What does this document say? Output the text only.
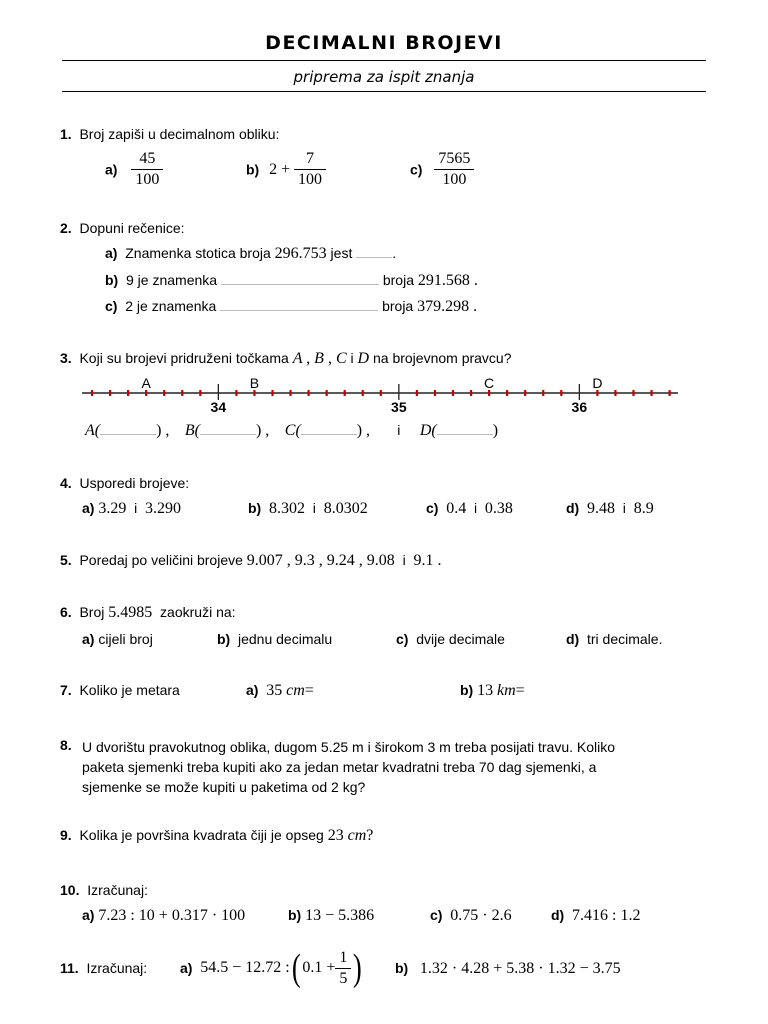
DECIMALNI BROJEVI
priprema za ispit znanja
1. Broj zapiši u decimalnom obliku:
$a) \frac{45}{100}$	b) $2 + \frac{7}{100}$	$c) \frac{7565}{100}$
2. Dopuni rečenice:
a) Znamenka stotica broja 296.753 jest	.
b) 9 je znamenka	broja 291.568 .
c) 2 je znamenka	broja 379.298 .
3. Koji su brojevi pridruženi točkama A , B , C i D na brojevnom pravcu?
34	35	36
A	B	C	D
A(	) , B(	) , C(	) , i D(	)
4. Usporedi brojeve:
a) 3.29 i 3.290	b) 8.302 i 8.0302	c) 0.4 i 0.38	d) 9.48 i 8.9
5. Poredaj po veličini brojeve 9.007 , 9.3 , 9.24 , 9.08 i 9.1 .
6. Broj 5.4985 zaokruži na:
a) cijeli broj	b) jednu decimalu	c) dvije decimale	d) tri decimale.
7. Koliko je metara	a) 35 cm=	b) 13 km=
8. U dvorištu pravokutnog oblika, dugom 5.25 m i širokom 3 m treba posijati travu. Koliko
paketa sjemenki treba kupiti ako za jedan metar kvadratni treba 70 dag sjemenki, a
sjemenke se može kupiti u paketima od 2 kg?
9. Kolika je površina kvadrata čiji je opseg 23 cm?
10. Izračunaj:
a) 7.23 : 10 + 0.317 · 100	b) 13 − 5.386	c) 0.75 · 2.6	d) 7.416 : 1.2
11. Izračunaj: a)
54.5 − 12.72 : ( $0.1 + \frac{1}{5}$ ) b) 1.32 · 4.28 + 5.38 · 1.32 − 3.75
